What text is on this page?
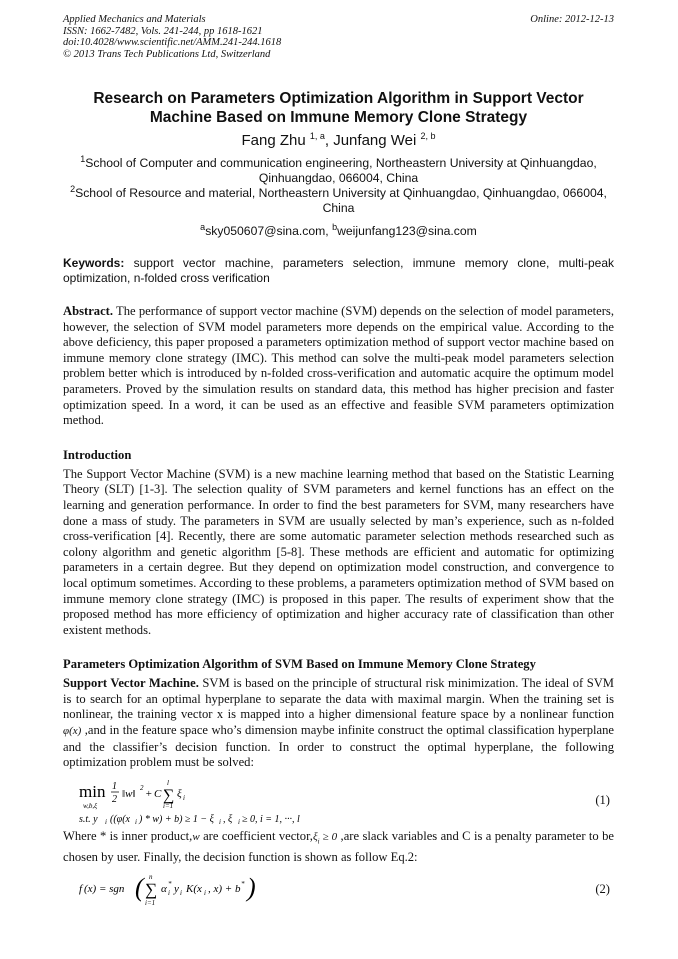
Applied Mechanics and Materials
ISSN: 1662-7482, Vols. 241-244, pp 1618-1621
doi:10.4028/www.scientific.net/AMM.241-244.1618
© 2013 Trans Tech Publications Ltd, Switzerland
Online: 2012-12-13
Research on Parameters Optimization Algorithm in Support Vector
Machine Based on Immune Memory Clone Strategy
Fang Zhu $^{1, a}$, Junfang Wei $^{2, b}$
$^1$School of Computer and communication engineering, Northeastern University at Qinhuangdao, Qinhuangdao, 066004, China
$^2$School of Resource and material, Northeastern University at Qinhuangdao, Qinhuangdao, 066004, China
$^a$sky050607@sina.com, $^b$weijunfang123@sina.com
Keywords: support vector machine, parameters selection, immune memory clone, multi-peak optimization, n-folded cross verification
Abstract. The performance of support vector machine (SVM) depends on the selection of model parameters, however, the selection of SVM model parameters more depends on the empirical value. According to the above deficiency, this paper proposed a parameters optimization method of support vector machine based on immune memory clone strategy (IMC). This method can solve the multi-peak model parameters selection problem better which is introduced by n-folded cross-verification and automatic acquire the optimum model parameters. Proved by the simulation results on standard data, this method has higher precision and faster optimization speed. In a word, it can be used as an effective and feasible SVM parameters optimization method.
Introduction
The Support Vector Machine (SVM) is a new machine learning method that based on the Statistic Learning Theory (SLT) [1-3]. The selection quality of SVM parameters and kernel functions has an effect on the learning and generation performance. In order to find the best parameters for SVM, many researchers have done a mass of study. The parameters in SVM are usually selected by man’s experience, such as n-folded cross-verification [4]. Recently, there are some automatic parameter selection methods researched such as colony algorithm and genetic algorithm [5-8]. These methods are efficient and automatic for optimizing parameters in a certain degree. But they depend on optimization model construction, and convergence to local optimum sometimes. According to these problems, a parameters optimization method of SVM based on immune memory clone strategy (IMC) is proposed in this paper. The results of experiment show that the proposed method has more efficiency of optimization and higher accuracy rate of classification than other existent methods.
Parameters Optimization Algorithm of SVM Based on Immune Memory Clone Strategy
Support Vector Machine. SVM is based on the principle of structural risk minimization. The ideal of SVM is to search for an optimal hyperplane to separate the data with maximal margin. When the training set is nonlinear, the training vector x is mapped into a higher dimensional feature space by a nonlinear function φ(x) ,and in the feature space who’s dimension maybe infinite construct the optimal classification hyperplane and the classifier’s decision function. In order to construct the optimal hyperplane, the following optimization problem must be solved:
min
w,b,ξ
1
2 ‖w‖ 2 + C ∑
l
i=1
ξ i
s.t. y i ((φ(x i ) * w) + b) ≥ 1 − ξ i , ξ i ≥ 0, i = 1, ···, l
(1)
Where * is inner product,w are coefficient $vector,\xi_i \ge 0$ ,are slack variables and C is a penalty parameter to be chosen by user. Finally, the decision function is shown as follow Eq.2:
f (x) = sgn ( ∑
n
i=1
α *
i y i K(x i , x) + b * )	(2)
